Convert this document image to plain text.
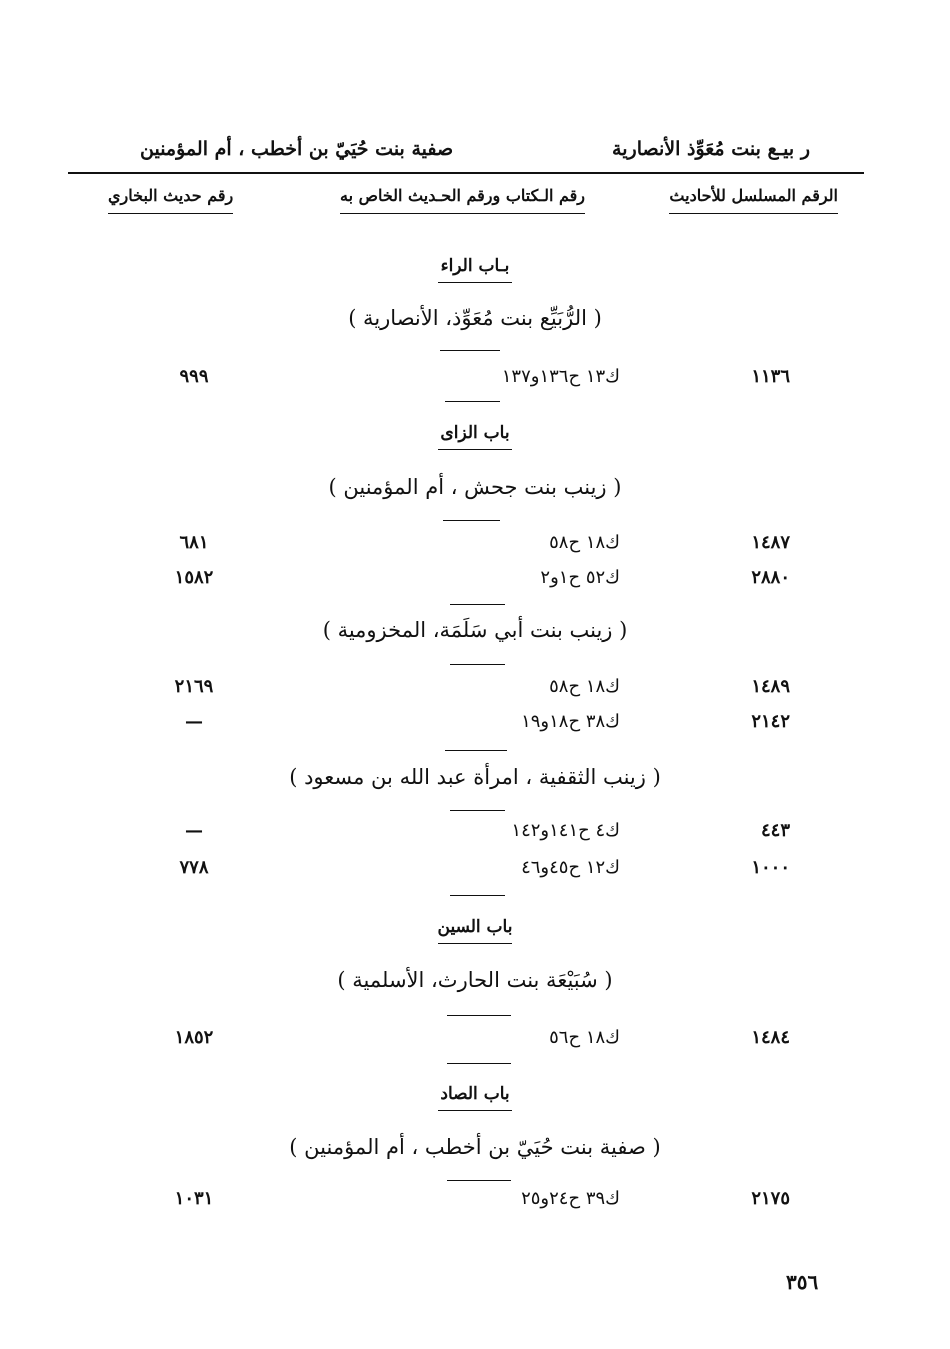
ر بيـع بنت مُعَوِّذ الأنصارية
صفية بنت حُيَيّ بن أخطب ، أم المؤمنين
الرقم المسلسل للأحاديث
رقم الـكتاب ورقم الحـديث الخاص به
رقم حديث البخاري
بـاب الراء
( الرُّبَيِّع بنت مُعَوِّذ، الأنصارية )
١١٣٦
ك١٣ ح١٣٦و١٣٧
٩٩٩
باب الزاى
( زينب بنت جحش ، أم المؤمنين )
١٤٨٧
ك١٨ ح٥٨
٦٨١
٢٨٨٠
ك٥٢ ح١و٢
١٥٨٢
( زينب بنت أبي سَلَمَة، المخزومية )
١٤٨٩
ك١٨ ح٥٨
٢١٦٩
٢١٤٢
ك٣٨ ح١٨و١٩
—
( زينب الثقفية ، امرأة عبد الله بن مسعود )
٤٤٣
ك٤ ح١٤١و١٤٢
—
١٠٠٠
ك١٢ ح٤٥و٤٦
٧٧٨
باب السين
( سُبَيْعَة بنت الحارث، الأسلمية )
١٤٨٤
ك١٨ ح٥٦
١٨٥٢
باب الصاد
( صفية بنت حُيَيّ بن أخطب ، أم المؤمنين )
٢١٧٥
ك٣٩ ح٢٤و٢٥
١٠٣١
٣٥٦
